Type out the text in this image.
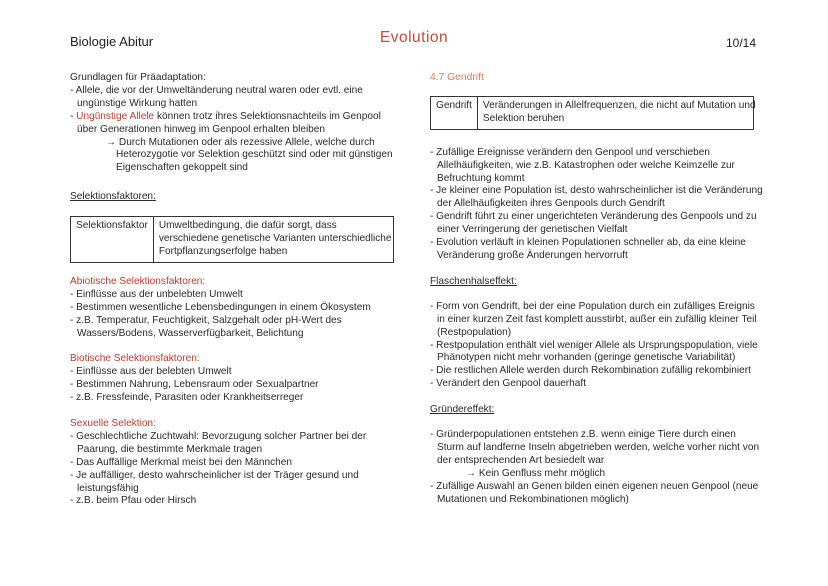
Biologie Abitur	Evolution	10/14
Grundlagen für Präadaptation:
- Allele, die vor der Umweltänderung neutral waren oder evtl. eine
ungünstige Wirkung hatten
- Ungünstige Allele können trotz ihres Selektionsnachteils im Genpool
über Generationen hinweg im Genpool erhalten bleiben
→ Durch Mutationen oder als rezessive Allele, welche durch
Heterozygotie vor Selektion geschützt sind oder mit günstigen
Eigenschaften gekoppelt sind
Selektionsfaktoren:
Selektionsfaktor	Umweltbedingung, die dafür sorgt, dass
verschiedene genetische Varianten unterschiedliche
Fortpflanzungserfolge haben
Abiotische Selektionsfaktoren:
- Einflüsse aus der unbelebten Umwelt
- Bestimmen wesentliche Lebensbedingungen in einem Ökosystem
- z.B. Temperatur, Feuchtigkeit, Salzgehalt oder pH-Wert des
Wassers/Bodens, Wasserverfügbarkeit, Belichtung
Biotische Selektionsfaktoren:
- Einflüsse aus der belebten Umwelt
- Bestimmen Nahrung, Lebensraum oder Sexualpartner
- z.B. Fressfeinde, Parasiten oder Krankheitserreger
Sexuelle Selektion:
- Geschlechtliche Zuchtwahl: Bevorzugung solcher Partner bei der
Paarung, die bestimmte Merkmale tragen
- Das Auffällige Merkmal meist bei den Männchen
- Je auffälliger, desto wahrscheinlicher ist der Träger gesund und
leistungsfähig
- z.B. beim Pfau oder Hirsch
4.7 Gendrift
Gendrift	Veränderungen in Allelfrequenzen, die nicht auf Mutation und
Selektion beruhen
- Zufällige Ereignisse verändern den Genpool und verschieben
Allelhäufigkeiten, wie z.B. Katastrophen oder welche Keimzelle zur
Befruchtung kommt
- Je kleiner eine Population ist, desto wahrscheinlicher ist die Veränderung
der Allelhäufigkeiten ihres Genpools durch Gendrift
- Gendrift führt zu einer ungerichteten Veränderung des Genpools und zu
einer Verringerung der genetischen Vielfalt
- Evolution verläuft in kleinen Populationen schneller ab, da eine kleine
Veränderung große Änderungen hervorruft
Flaschenhalseffekt:
- Form von Gendrift, bei der eine Population durch ein zufälliges Ereignis
in einer kurzen Zeit fast komplett ausstirbt, außer ein zufällig kleiner Teil
(Restpopulation)
- Restpopulation enthält viel weniger Allele als Ursprungspopulation, viele
Phänotypen nicht mehr vorhanden (geringe genetische Variabilität)
- Die restlichen Allele werden durch Rekombination zufällig rekombiniert
- Verändert den Genpool dauerhaft
Gründereffekt:
- Gründerpopulationen entstehen z.B. wenn einige Tiere durch einen
Sturm auf landferne Inseln abgetrieben werden, welche vorher nicht von
der entsprechenden Art besiedelt war
→ Kein Genfluss mehr möglich
- Zufällige Auswahl an Genen bilden einen eigenen neuen Genpool (neue
Mutationen und Rekombinationen möglich)
